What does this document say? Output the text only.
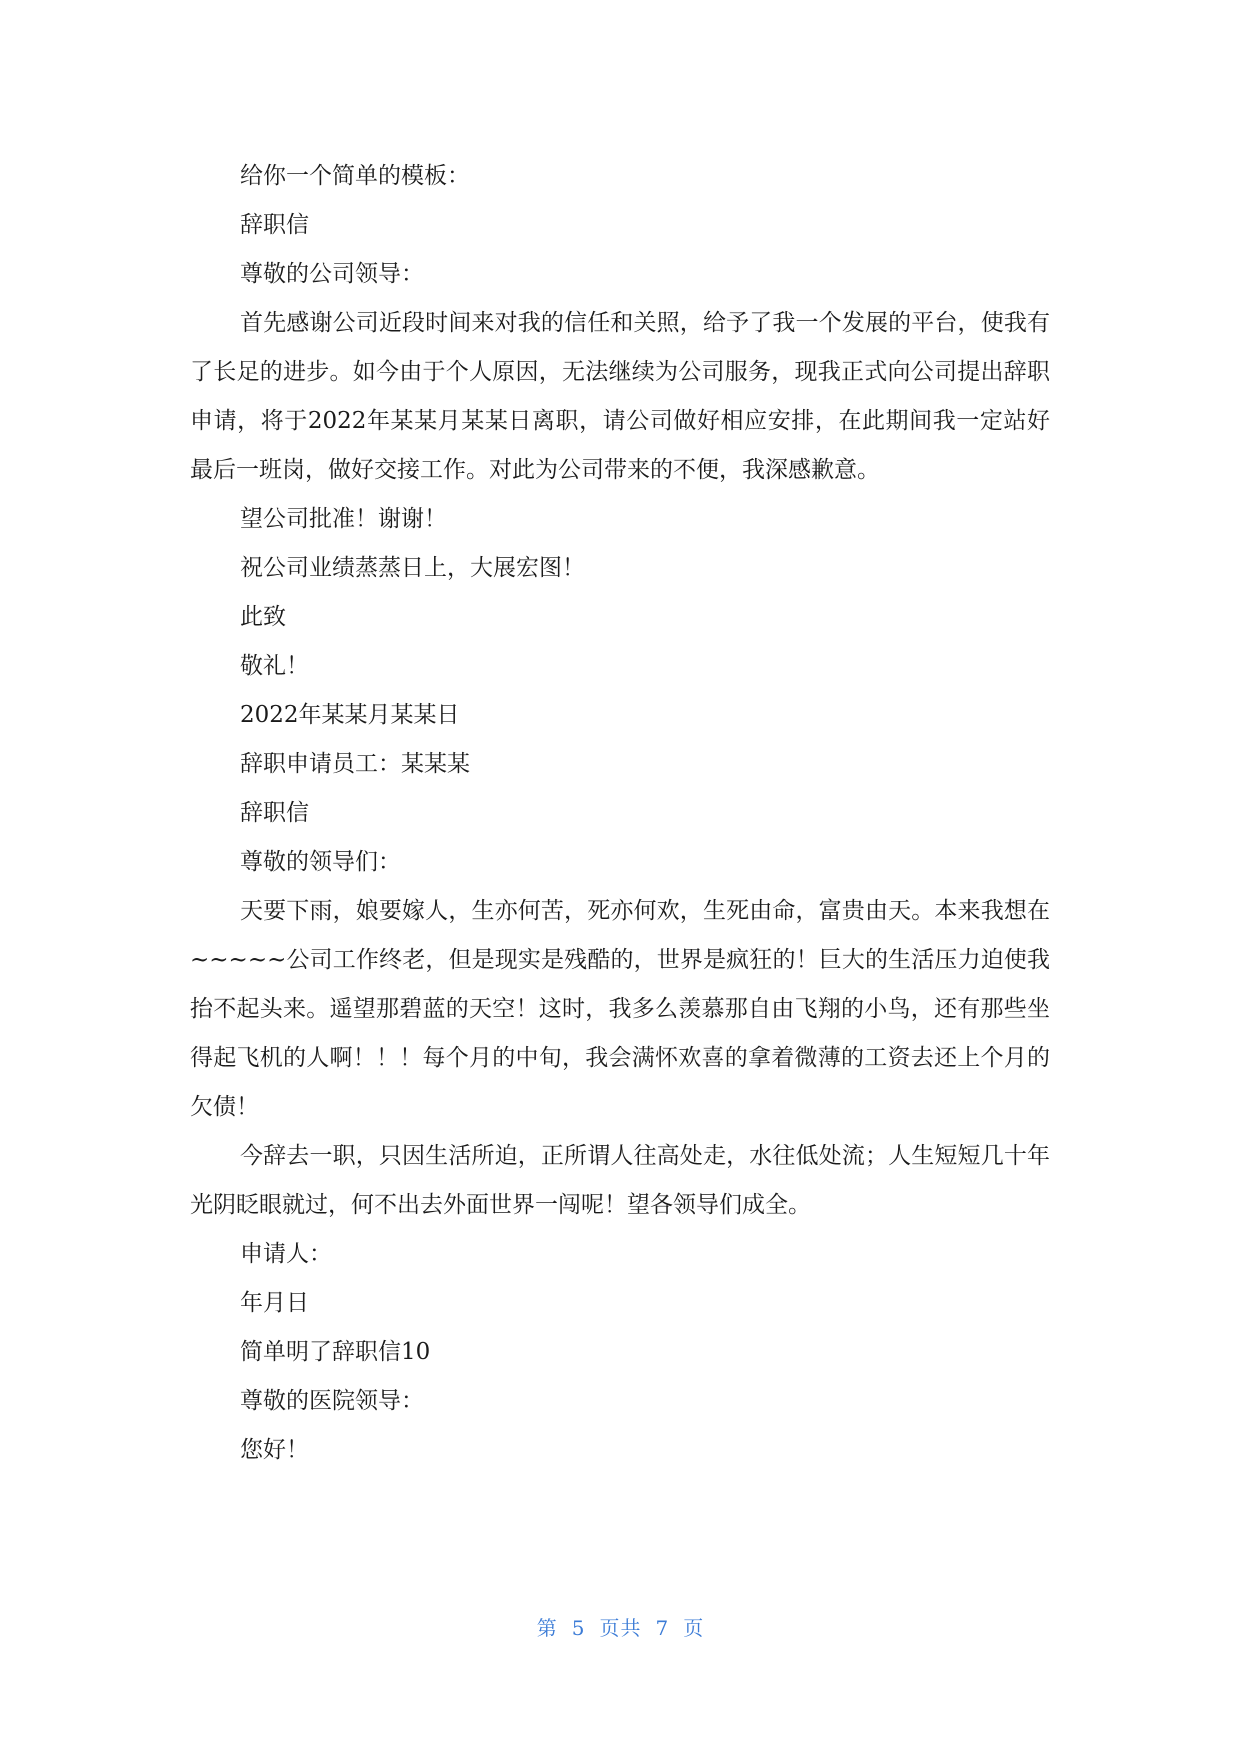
给你一个简单的模板：

辞职信

尊敬的公司领导：

首先感谢公司近段时间来对我的信任和关照，给予了我一个发展的平台，使我有了长足的进步。如今由于个人原因，无法继续为公司服务，现我正式向公司提出辞职申请，将于2022年某某月某某日离职，请公司做好相应安排，在此期间我一定站好最后一班岗，做好交接工作。对此为公司带来的不便，我深感歉意。

望公司批准！谢谢！

祝公司业绩蒸蒸日上，大展宏图！

此致

敬礼！

2022年某某月某某日

辞职申请员工：某某某

辞职信

尊敬的领导们：

天要下雨，娘要嫁人，生亦何苦，死亦何欢，生死由命，富贵由天。本来我想在~~~~~公司工作终老，但是现实是残酷的，世界是疯狂的！巨大的生活压力迫使我抬不起头来。遥望那碧蓝的天空！这时，我多么羡慕那自由飞翔的小鸟，还有那些坐得起飞机的人啊！！！每个月的中旬，我会满怀欢喜的拿着微薄的工资去还上个月的欠债！

今辞去一职，只因生活所迫，正所谓人往高处走，水往低处流；人生短短几十年光阴眨眼就过，何不出去外面世界一闯呢！望各领导们成全。

申请人：

年月日

简单明了辞职信10

尊敬的医院领导：

您好！

第 5 页共 7 页
